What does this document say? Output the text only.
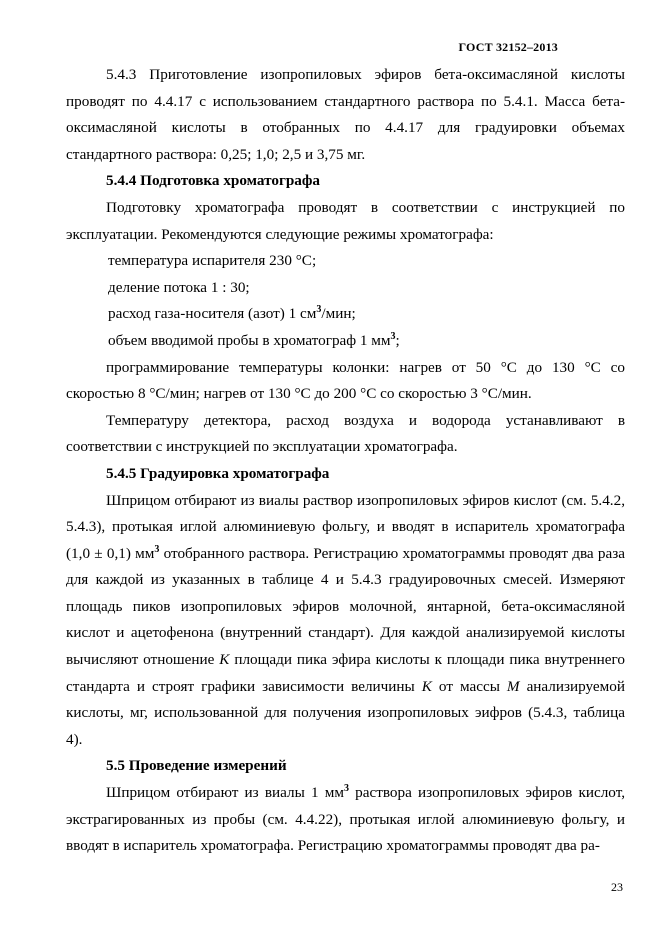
ГОСТ 32152–2013

5.4.3 Приготовление изопропиловых эфиров бета-оксимасляной кислоты проводят по 4.4.17 с использованием стандартного раствора по 5.4.1. Масса бета-оксимасляной кислоты в отобранных по 4.4.17 для градуировки объемах стандартного раствора: 0,25; 1,0; 2,5 и 3,75 мг.

5.4.4 Подготовка хроматографа

Подготовку хроматографа проводят в соответствии с инструкцией по эксплуатации. Рекомендуются следующие режимы хроматографа:

температура испарителя 230 °С;

деление потока 1 : 30;

расход газа-носителя (азот) 1 $см^3$/мин;

объем вводимой пробы в хроматограф 1 $мм^3$;

программирование температуры колонки: нагрев от 50 °С до 130 °С со скоростью 8 °С/мин; нагрев от 130 °С до 200 °С со скоростью 3 °С/мин.

Температуру детектора, расход воздуха и водорода устанавливают в соответствии с инструкцией по эксплуатации хроматографа.

5.4.5 Градуировка хроматографа

Шприцом отбирают из виалы раствор изопропиловых эфиров кислот (см. 5.4.2, 5.4.3), протыкая иглой алюминиевую фольгу, и вводят в испаритель хроматографа (1,0 ± 0,1) $мм^3$ отобранного раствора. Регистрацию хроматограммы проводят два раза для каждой из указанных в таблице 4 и 5.4.3 градуировочных смесей. Измеряют площадь пиков изопропиловых эфиров молочной, янтарной, бета-оксимасляной кислот и ацетофенона (внутренний стандарт). Для каждой анализируемой кислоты вычисляют отношение K площади пика эфира кислоты к площади пика внутреннего стандарта и строят графики зависимости величины K от массы M анализируемой кислоты, мг, использованной для получения изопропиловых эифров (5.4.3, таблица 4).

5.5 Проведение измерений

Шприцом отбирают из виалы 1 $мм^3$ раствора изопропиловых эфиров кислот, экстрагированных из пробы (см. 4.4.22), протыкая иглой алюминиевую фольгу, и вводят в испаритель хроматографа. Регистрацию хроматограммы проводят два ра-

23
